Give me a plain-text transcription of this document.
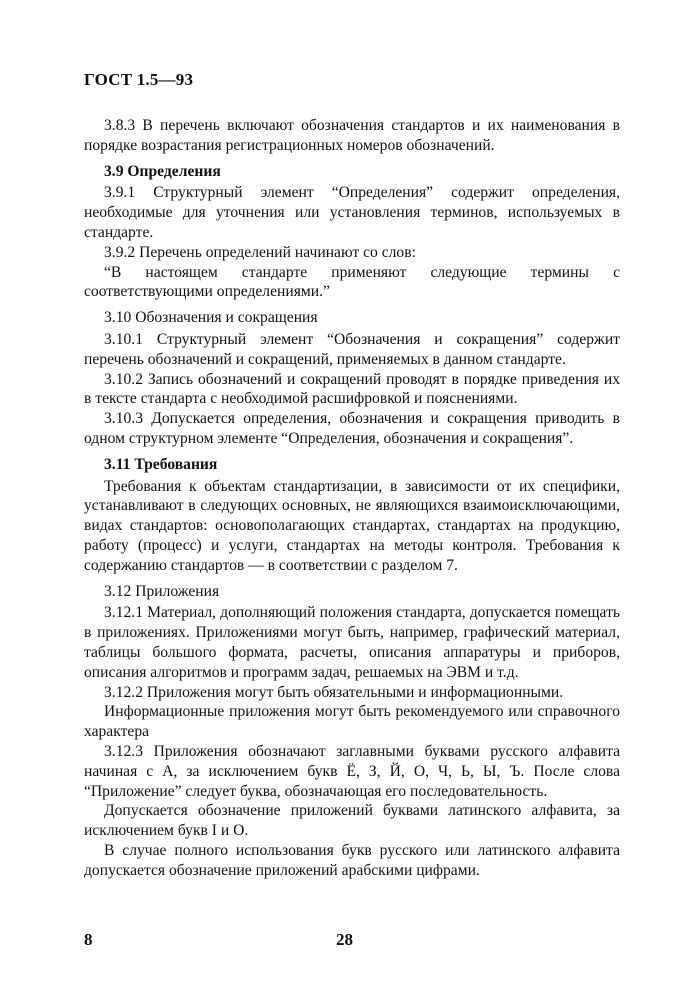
ГОСТ 1.5—93

3.8.3 В перечень включают обозначения стандартов и их наименования в порядке возрастания регистрационных номеров обозначений.

3.9 Определения

3.9.1 Структурный элемент “Определения” содержит определения, необходимые для уточнения или установления терминов, используемых в стандарте.

3.9.2 Перечень определений начинают со слов:

“В настоящем стандарте применяют следующие термины с соответствующими определениями.”

3.10 Обозначения и сокращения

3.10.1 Структурный элемент “Обозначения и сокращения” содержит перечень обозначений и сокращений, применяемых в данном стандарте.

3.10.2 Запись обозначений и сокращений проводят в порядке приведения их в тексте стандарта с необходимой расшифровкой и пояснениями.

3.10.3 Допускается определения, обозначения и сокращения приводить в одном структурном элементе “Определения, обозначения и сокращения”.

3.11 Требования

Требования к объектам стандартизации, в зависимости от их специфики, устанавливают в следующих основных, не являющихся взаимоисключающими, видах стандартов: основополагающих стандартах, стандартах на продукцию, работу (процесс) и услуги, стандартах на методы контроля. Требования к содержанию стандартов — в соответствии с разделом 7.

3.12 Приложения

3.12.1 Материал, дополняющий положения стандарта, допускается помещать в приложениях. Приложениями могут быть, например, графический материал, таблицы большого формата, расчеты, описания аппаратуры и приборов, описания алгоритмов и программ задач, решаемых на ЭВМ и т.д.

3.12.2 Приложения могут быть обязательными и информационными.

Информационные приложения могут быть рекомендуемого или справочного характера

3.12.3 Приложения обозначают заглавными буквами русского алфавита начиная с А, за исключением букв Ё, З, Й, О, Ч, Ь, Ы, Ъ. После слова “Приложение” следует буква, обозначающая его последовательность.

Допускается обозначение приложений буквами латинского алфавита, за исключением букв I и О.

В случае полного использования букв русского или латинского алфавита допускается обозначение приложений арабскими цифрами.

8	28
